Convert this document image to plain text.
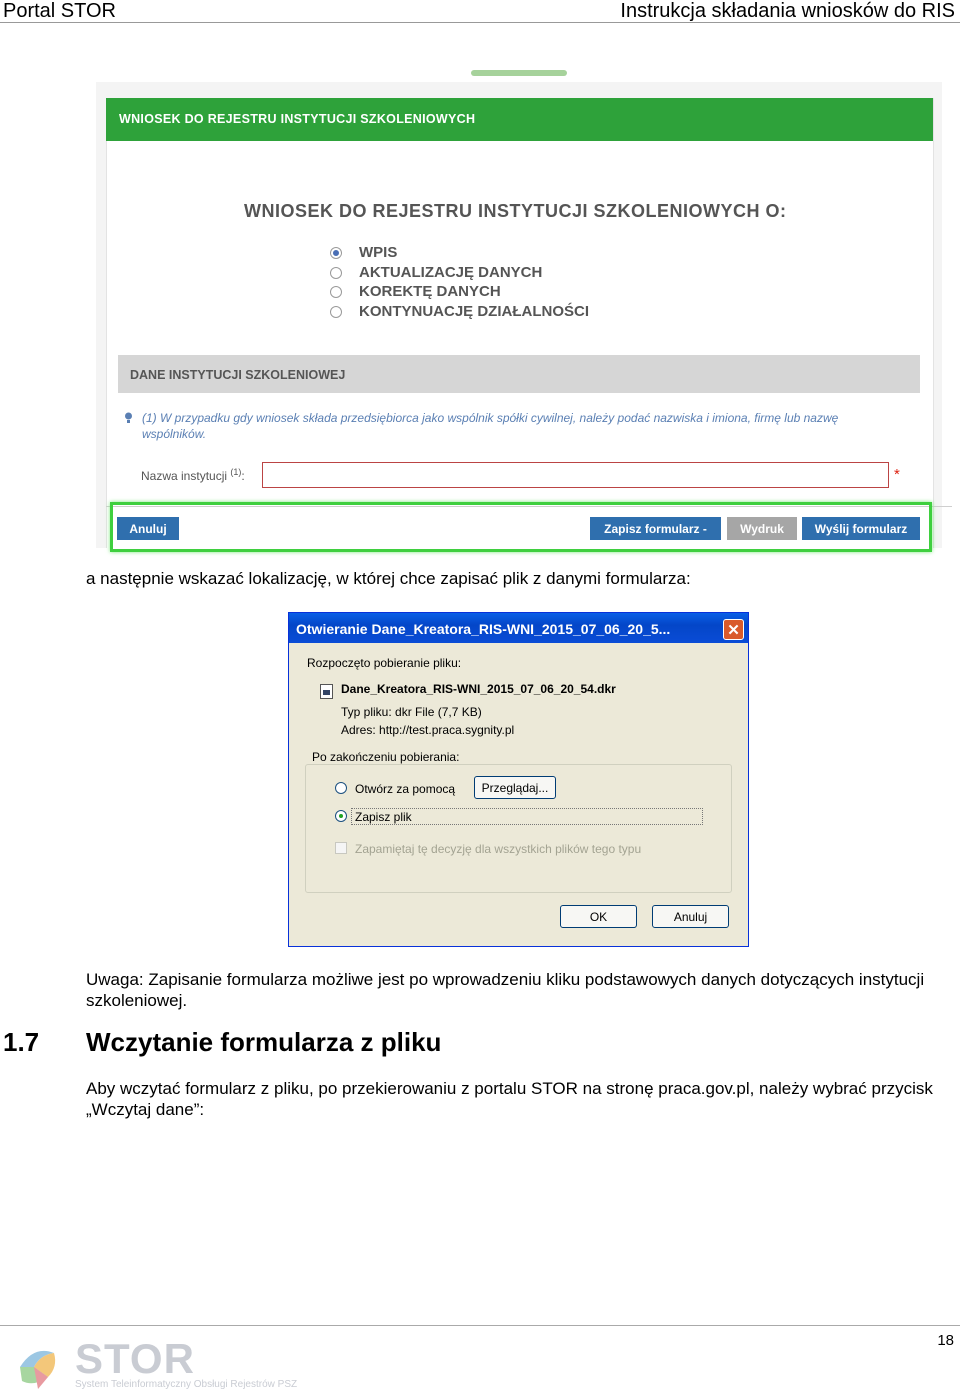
Portal STOR	Instrukcja składania wniosków do RIS
WNIOSEK DO REJESTRU INSTYTUCJI SZKOLENIOWYCH
WNIOSEK DO REJESTRU INSTYTUCJI SZKOLENIOWYCH O:
WPIS
AKTUALIZACJĘ DANYCH
KOREKTĘ DANYCH
KONTYNUACJĘ DZIAŁALNOŚCI
DANE INSTYTUCJI SZKOLENIOWEJ
(1) W przypadku gdy wniosek składa przedsiębiorca jako wspólnik spółki cywilnej, należy podać nazwiska i imiona, firmę lub nazwę wspólników.
Nazwa instytucji $^{(1)}$:	*
Anuluj	Zapisz formularz -	Wydruk	Wyślij formularz
a następnie wskazać lokalizację, w której chce zapisać plik z danymi formularza:
Otwieranie Dane_Kreatora_RIS-WNI_2015_07_06_20_5...	✕
Rozpoczęto pobieranie pliku:
Dane_Kreatora_RIS-WNI_2015_07_06_20_54.dkr
Typ pliku: dkr File (7,7 KB)
Adres: http://test.praca.sygnity.pl
Po zakończeniu pobierania:
Otwórz za pomocą	Przeglądaj...
Zapisz plik
Zapamiętaj tę decyzję dla wszystkich plików tego typu
OK	Anuluj
Uwaga: Zapisanie formularza możliwe jest po wprowadzeniu kliku podstawowych danych dotyczących instytucji szkoleniowej.
1.7 Wczytanie formularza z pliku
Aby wczytać formularz z pliku, po przekierowaniu z portalu STOR na stronę praca.gov.pl, należy wybrać przycisk „Wczytaj dane”:
18
STOR
System Teleinformatyczny Obsługi Rejestrów PSZ
